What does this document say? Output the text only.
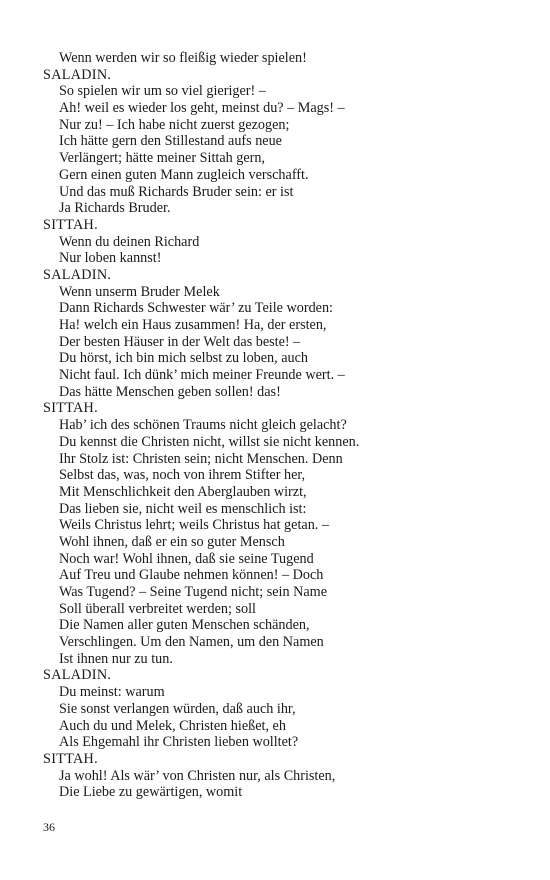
Wenn werden wir so fleißig wieder spielen!
SALADIN.
So spielen wir um so viel gieriger! –
Ah! weil es wieder los geht, meinst du? – Mags! –
Nur zu! – Ich habe nicht zuerst gezogen;
Ich hätte gern den Stillestand aufs neue
Verlängert; hätte meiner Sittah gern,
Gern einen guten Mann zugleich verschafft.
Und das muß Richards Bruder sein: er ist
Ja Richards Bruder.
SITTAH.
Wenn du deinen Richard
Nur loben kannst!
SALADIN.
Wenn unserm Bruder Melek
Dann Richards Schwester wär’ zu Teile worden:
Ha! welch ein Haus zusammen! Ha, der ersten,
Der besten Häuser in der Welt das beste! –
Du hörst, ich bin mich selbst zu loben, auch
Nicht faul. Ich dünk’ mich meiner Freunde wert. –
Das hätte Menschen geben sollen! das!
SITTAH.
Hab’ ich des schönen Traums nicht gleich gelacht?
Du kennst die Christen nicht, willst sie nicht kennen.
Ihr Stolz ist: Christen sein; nicht Menschen. Denn
Selbst das, was, noch von ihrem Stifter her,
Mit Menschlichkeit den Aberglauben wirzt,
Das lieben sie, nicht weil es menschlich ist:
Weils Christus lehrt; weils Christus hat getan. –
Wohl ihnen, daß er ein so guter Mensch
Noch war! Wohl ihnen, daß sie seine Tugend
Auf Treu und Glaube nehmen können! – Doch
Was Tugend? – Seine Tugend nicht; sein Name
Soll überall verbreitet werden; soll
Die Namen aller guten Menschen schänden,
Verschlingen. Um den Namen, um den Namen
Ist ihnen nur zu tun.
SALADIN.
Du meinst: warum
Sie sonst verlangen würden, daß auch ihr,
Auch du und Melek, Christen hießet, eh
Als Ehgemahl ihr Christen lieben wolltet?
SITTAH.
Ja wohl! Als wär’ von Christen nur, als Christen,
Die Liebe zu gewärtigen, womit
36
